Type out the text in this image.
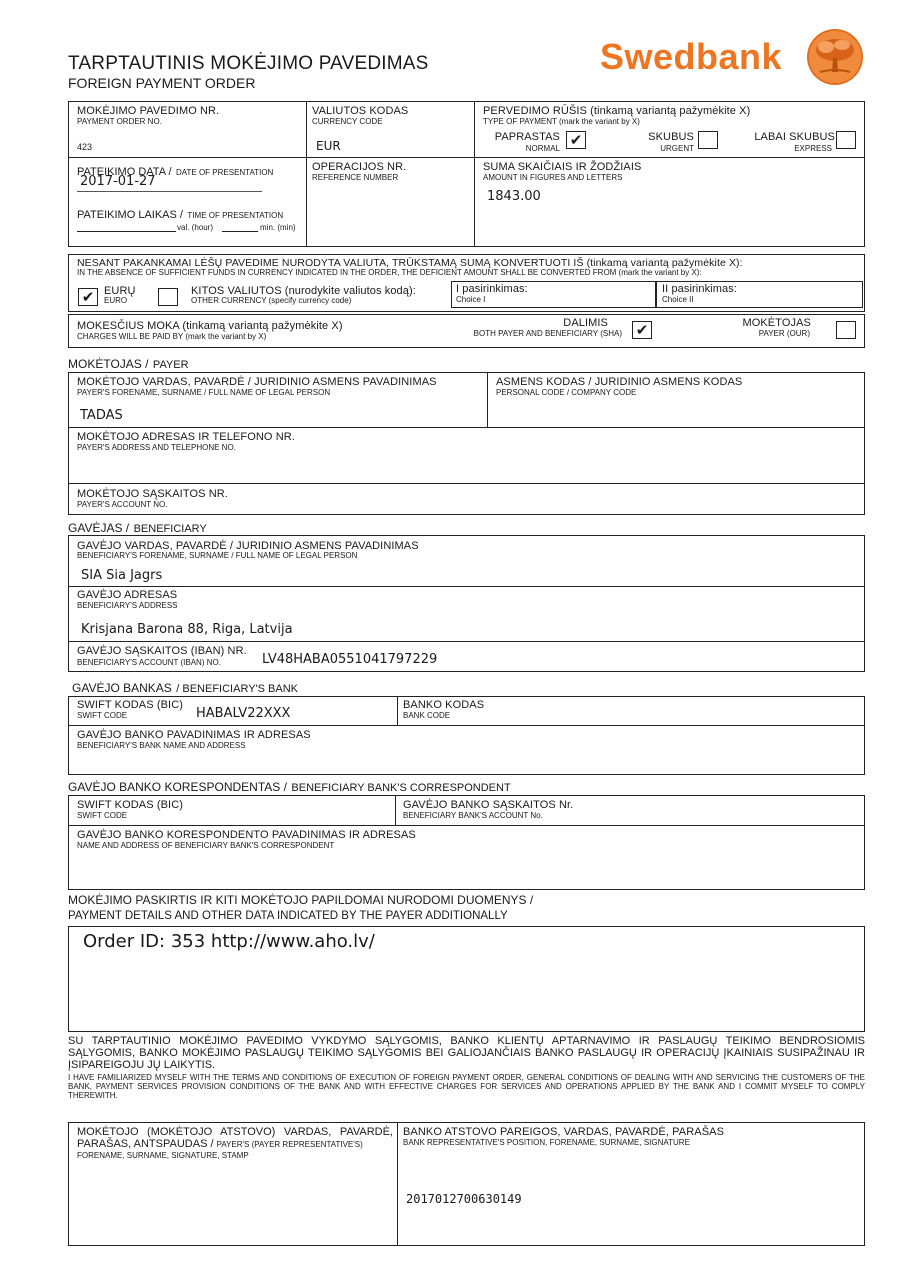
TARPTAUTINIS MOKĖJIMO PAVEDIMAS
FOREIGN PAYMENT ORDER
Swedbank
MOKĖJIMO PAVEDIMO NR.
PAYMENT ORDER NO.
423
VALIUTOS KODAS
CURRENCY CODE
EUR
PERVEDIMO RŪŠIS (tinkamą variantą pažymėkite X)
TYPE OF PAYMENT (mark the variant by X)
PAPRASTAS
NORMAL ✔	SKUBUS
URGENT
LABAI SKUBUS
EXPRESS
PATEIKIMO DATA / DATE OF PRESENTATION
2017-01-27
PATEIKIMO LAIKAS / TIME OF PRESENTATION
val. (hour)	min. (min)
OPERACIJOS NR.
REFERENCE NUMBER
SUMA SKAIČIAIS IR ŽODŽIAIS
AMOUNT IN FIGURES AND LETTERS
1843.00
NESANT PAKANKAMAI LĖŠŲ PAVEDIME NURODYTA VALIUTA, TRŪKSTAMĄ SUMĄ KONVERTUOTI IŠ (tinkamą variantą pažymėkite X):
IN THE ABSENCE OF SUFFICIENT FUNDS IN CURRENCY INDICATED IN THE ORDER, THE DEFICIENT AMOUNT SHALL BE CONVERTED FROM (mark the variant by X):
✔ EURŲ
EURO
KITOS VALIUTOS (nurodykite valiutos kodą):
OTHER CURRENCY (specify currency code)
I pasirinkimas:
Choice I
II pasirinkimas:
Choice II
MOKESČIUS MOKA (tinkamą variantą pažymėkite X)
CHARGES WILL BE PAID BY (mark the variant by X)
DALIMIS
BOTH PAYER AND BENEFICIARY (SHA) ✔	MOKĖTOJAS
PAYER (OUR)
MOKĖTOJAS / PAYER
MOKĖTOJO VARDAS, PAVARDĖ / JURIDINIO ASMENS PAVADINIMAS
PAYER'S FORENAME, SURNAME / FULL NAME OF LEGAL PERSON
TADAS
ASMENS KODAS / JURIDINIO ASMENS KODAS
PERSONAL CODE / COMPANY CODE
MOKĖTOJO ADRESAS IR TELEFONO NR.
PAYER'S ADDRESS AND TELEPHONE NO.
MOKĖTOJO SĄSKAITOS NR.
PAYER'S ACCOUNT NO.
GAVĖJAS / BENEFICIARY
GAVĖJO VARDAS, PAVARDĖ / JURIDINIO ASMENS PAVADINIMAS
BENEFICIARY'S FORENAME, SURNAME / FULL NAME OF LEGAL PERSON
SIA Sia Jagrs
GAVĖJO ADRESAS
BENEFICIARY'S ADDRESS
Krisjana Barona 88, Riga, Latvija
GAVĖJO SĄSKAITOS (IBAN) NR.
BENEFICIARY'S ACCOUNT (IBAN) NO.	LV48HABA0551041797229
GAVĖJO BANKAS / BENEFICIARY'S BANK
SWIFT KODAS (BIC)
SWIFT CODE	HABALV22XXX
BANKO KODAS
BANK CODE
GAVĖJO BANKO PAVADINIMAS IR ADRESAS
BENEFICIARY'S BANK NAME AND ADDRESS
GAVĖJO BANKO KORESPONDENTAS / BENEFICIARY BANK'S CORRESPONDENT
SWIFT KODAS (BIC)
SWIFT CODE
GAVĖJO BANKO SĄSKAITOS Nr.
BENEFICIARY BANK'S ACCOUNT No.
GAVĖJO BANKO KORESPONDENTO PAVADINIMAS IR ADRESAS
NAME AND ADDRESS OF BENEFICIARY BANK'S CORRESPONDENT
MOKĖJIMO PASKIRTIS IR KITI MOKĖTOJO PAPILDOMAI NURODOMI DUOMENYS /
PAYMENT DETAILS AND OTHER DATA INDICATED BY THE PAYER ADDITIONALLY
Order ID: 353 http://www.aho.lv/
SU TARPTAUTINIO MOKĖJIMO PAVEDIMO VYKDYMO SĄLYGOMIS, BANKO KLIENTŲ APTARNAVIMO IR PASLAUGŲ TEIKIMO BENDROSIOMIS SĄLYGOMIS, BANKO MOKĖJIMO PASLAUGŲ TEIKIMO SĄLYGOMIS BEI GALIOJANČIAIS BANKO PASLAUGŲ IR OPERACIJŲ ĮKAINIAIS SUSIPAŽINAU IR ĮSIPAREIGOJU JŲ LAIKYTIS.
I HAVE FAMILIARIZED MYSELF WITH THE TERMS AND CONDITIONS OF EXECUTION OF FOREIGN PAYMENT ORDER, GENERAL CONDITIONS OF DEALING WITH AND SERVICING THE CUSTOMERS OF THE BANK, PAYMENT SERVICES PROVISION CONDITIONS OF THE BANK AND WITH EFFECTIVE CHARGES FOR SERVICES AND OPERATIONS APPLIED BY THE BANK AND I COMMIT MYSELF TO COMPLY THEREWITH.
MOKĖTOJO (MOKĖTOJO ATSTOVO) VARDAS, PAVARDĖ, PARAŠAS, ANTSPAUDAS / PAYER'S (PAYER REPRESENTATIVE'S)
FORENAME, SURNAME, SIGNATURE, STAMP
BANKO ATSTOVO PAREIGOS, VARDAS, PAVARDĖ, PARAŠAS
BANK REPRESENTATIVE'S POSITION, FORENAME, SURNAME, SIGNATURE
2017012700630149
